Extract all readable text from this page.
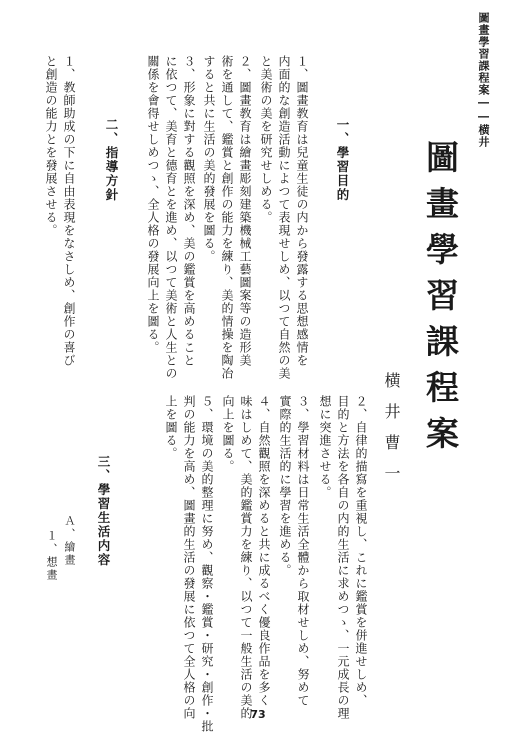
圖畫學習課程案――横井
圖畫學習課程案
横井曹一
一、學習目的
１、圖畫教育は兒童生徒の内から發露する思想感情を
内面的な創造活動によつて表現せしめ、以つて自然の美
と美術の美を研究せしめる。
２、圖畫教育は繪畫彫刻建築機械工藝圖案等の造形美
術を通して、鑑賞と創作の能力を練り、美的情操を陶冶
すると共に生活の美的發展を圖る。
３、形象に對する觀照を深め、美の鑑賞を高めること
に依つて、美育と德育とを進め、以つて美術と人生との
關係を會得せしめつゝ、全人格の發展向上を圖る。
二、指導方針
１、教師助成の下に自由表現をなさしめ、創作の喜び
と創造の能力とを發展させる。
２、自律的描寫を重視し、これに鑑賞を併進せしめ、
目的と方法を各自の内的生活に求めつゝ、一元成長の理
想に突進させる。
３、學習材料は日常生活全體から取材せしめ、努めて
實際的生活的に學習を進める。
４、自然觀照を深めると共に成るべく優良作品を多く
味はしめて、美的鑑賞力を練り、以つて一般生活の美的
向上を圖る。
５、環境の美的整理に努め、觀察・鑑賞・研究・創作・批
判の能力を高め、圖畫的生活の發展に依つて全人格の向
上を圖る。
三、學習生活内容
Ａ、繪畫
１、想畫
73
